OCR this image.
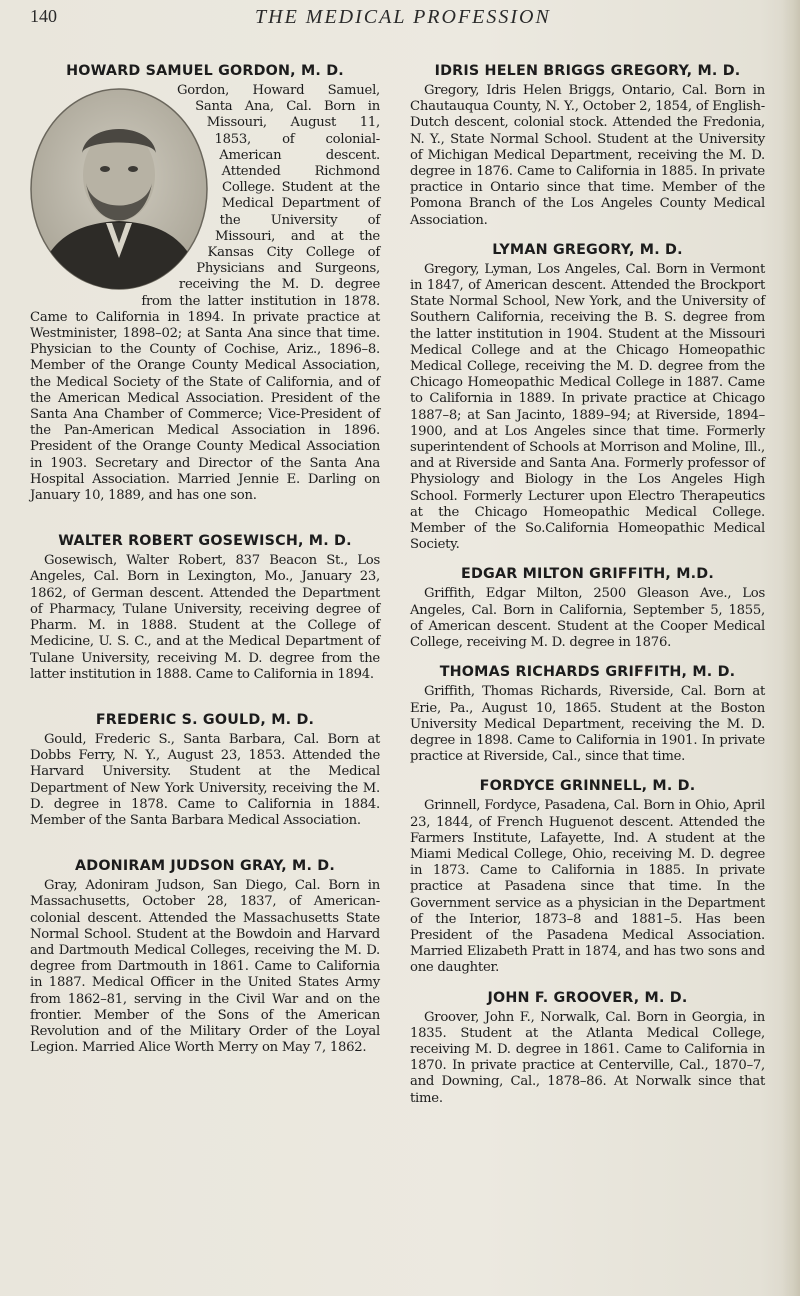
140	THE MEDICAL PROFESSION
HOWARD SAMUEL GORDON, M. D.

Gordon, Howard Samuel, Santa Ana, Cal. Born in Missouri, August 11, 1853, of colonial-American descent. Attended Richmond College. Student at the Medical Department of the University of Missouri, and at the Kansas City College of Physicians and Surgeons, receiving the M. D. degree from the latter institution in 1878. Came to California in 1894. In private practice at Westminister, 1898–02; at Santa Ana since that time. Physician to the County of Cochise, Ariz., 1896–8. Member of the Orange County Medical Association, the Medical Society of the State of California, and of the American Medical Association. President of the Santa Ana Chamber of Commerce; Vice-President of the Pan-American Medical Association in 1896. President of the Orange County Medical Association in 1903. Secretary and Director of the Santa Ana Hospital Association. Married Jennie E. Darling on January 10, 1889, and has one son.

WALTER ROBERT GOSEWISCH, M. D.

Gosewisch, Walter Robert, 837 Beacon St., Los Angeles, Cal. Born in Lexington, Mo., January 23, 1862, of German descent. Attended the Department of Pharmacy, Tulane University, receiving degree of Pharm. M. in 1888. Student at the College of Medicine, U. S. C., and at the Medical Department of Tulane University, receiving M. D. degree from the latter institution in 1888. Came to California in 1894.

FREDERIC S. GOULD, M. D.

Gould, Frederic S., Santa Barbara, Cal. Born at Dobbs Ferry, N. Y., August 23, 1853. Attended the Harvard University. Student at the Medical Department of New York University, receiving the M. D. degree in 1878. Came to California in 1884. Member of the Santa Barbara Medical Association.

ADONIRAM JUDSON GRAY, M. D.

Gray, Adoniram Judson, San Diego, Cal. Born in Massachusetts, October 28, 1837, of American-colonial descent. Attended the Massachusetts State Normal School. Student at the Bowdoin and Harvard and Dartmouth Medical Colleges, receiving the M. D. degree from Dartmouth in 1861. Came to California in 1887. Medical Officer in the United States Army from 1862–81, serving in the Civil War and on the frontier. Member of the Sons of the American Revolution and of the Military Order of the Loyal Legion. Married Alice Worth Merry on May 7, 1862.

IDRIS HELEN BRIGGS GREGORY, M. D.

Gregory, Idris Helen Briggs, Ontario, Cal. Born in Chautauqua County, N. Y., October 2, 1854, of English-Dutch descent, colonial stock. Attended the Fredonia, N. Y., State Normal School. Student at the University of Michigan Medical Department, receiving the M. D. degree in 1876. Came to California in 1885. In private practice in Ontario since that time. Member of the Pomona Branch of the Los Angeles County Medical Association.

LYMAN GREGORY, M. D.

Gregory, Lyman, Los Angeles, Cal. Born in Vermont in 1847, of American descent. Attended the Brockport State Normal School, New York, and the University of Southern California, receiving the B. S. degree from the latter institution in 1904. Student at the Missouri Medical College and at the Chicago Homeopathic Medical College, receiving the M. D. degree from the Chicago Homeopathic Medical College in 1887. Came to California in 1889. In private practice at Chicago 1887–8; at San Jacinto, 1889–94; at Riverside, 1894–1900, and at Los Angeles since that time. Formerly superintendent of Schools at Morrison and Moline, Ill., and at Riverside and Santa Ana. Formerly professor of Physiology and Biology in the Los Angeles High School. Formerly Lecturer upon Electro Therapeutics at the Chicago Homeopathic Medical College. Member of the So.California Homeopathic Medical Society.

EDGAR MILTON GRIFFITH, M.D.

Griffith, Edgar Milton, 2500 Gleason Ave., Los Angeles, Cal. Born in California, September 5, 1855, of American descent. Student at the Cooper Medical College, receiving M. D. degree in 1876.

THOMAS RICHARDS GRIFFITH, M. D.

Griffith, Thomas Richards, Riverside, Cal. Born at Erie, Pa., August 10, 1865. Student at the Boston University Medical Department, receiving the M. D. degree in 1898. Came to California in 1901. In private practice at Riverside, Cal., since that time.

FORDYCE GRINNELL, M. D.

Grinnell, Fordyce, Pasadena, Cal. Born in Ohio, April 23, 1844, of French Huguenot descent. Attended the Farmers Institute, Lafayette, Ind. A student at the Miami Medical College, Ohio, receiving M. D. degree in 1873. Came to California in 1885. In private practice at Pasadena since that time. In the Government service as a physician in the Department of the Interior, 1873–8 and 1881–5. Has been President of the Pasadena Medical Association. Married Elizabeth Pratt in 1874, and has two sons and one daughter.

JOHN F. GROOVER, M. D.

Groover, John F., Norwalk, Cal. Born in Georgia, in 1835. Student at the Atlanta Medical College, receiving M. D. degree in 1861. Came to California in 1870. In private practice at Centerville, Cal., 1870–7, and Downing, Cal., 1878–86. At Norwalk since that time.
